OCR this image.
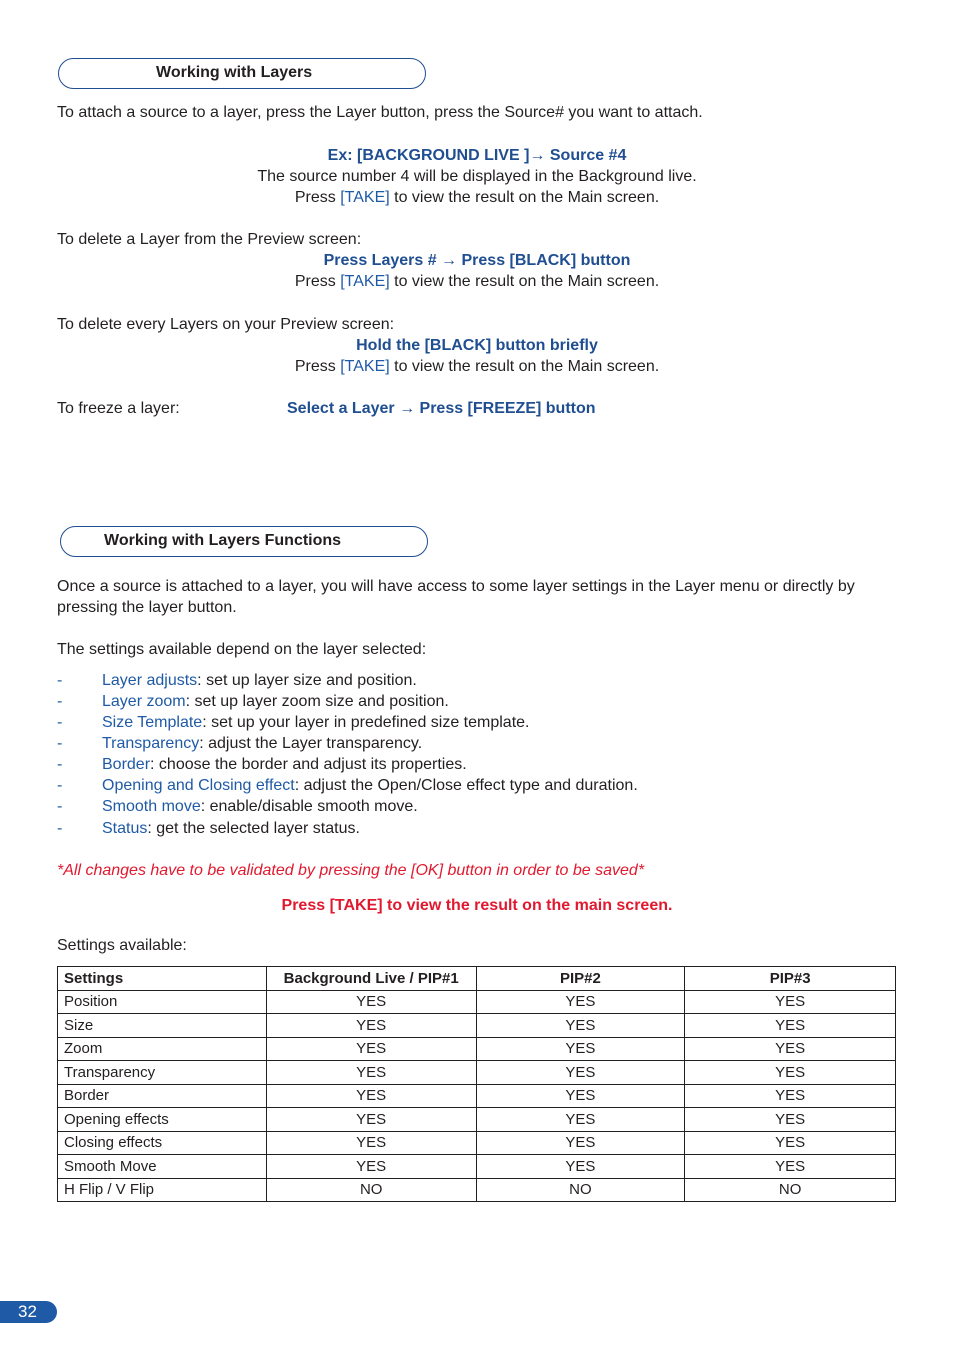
Working with Layers

To attach a source to a layer, press the Layer button, press the Source# you want to attach.

Ex: [BACKGROUND LIVE ]→ Source #4
The source number 4 will be displayed in the Background live.
Press [TAKE] to view the result on the Main screen.

To delete a Layer from the Preview screen:

Press Layers # → Press [BLACK] button
Press [TAKE] to view the result on the Main screen.

To delete every Layers on your Preview screen:

Hold the [BLACK] button briefly
Press [TAKE] to view the result on the Main screen.

To freeze a layer:	Select a Layer → Press [FREEZE] button
Working with Layers Functions

Once a source is attached to a layer, you will have access to some layer settings in the Layer menu or directly by pressing the layer button.

The settings available depend on the layer selected:

- Layer adjusts: set up layer size and position.
- Layer zoom: set up layer zoom size and position.
- Size Template: set up your layer in predefined size template.
- Transparency: adjust the Layer transparency.
- Border: choose the border and adjust its properties.
- Opening and Closing effect: adjust the Open/Close effect type and duration.
- Smooth move: enable/disable smooth move.
- Status: get the selected layer status.

*All changes have to be validated by pressing the [OK] button in order to be saved*

Press [TAKE] to view the result on the main screen.

Settings available:

Settings	Background Live / PIP#1	PIP#2	PIP#3
Position	YES	YES	YES
Size	YES	YES	YES
Zoom	YES	YES	YES
Transparency	YES	YES	YES
Border	YES	YES	YES
Opening effects	YES	YES	YES
Closing effects	YES	YES	YES
Smooth Move	YES	YES	YES
H Flip / V Flip	NO	NO	NO
32
